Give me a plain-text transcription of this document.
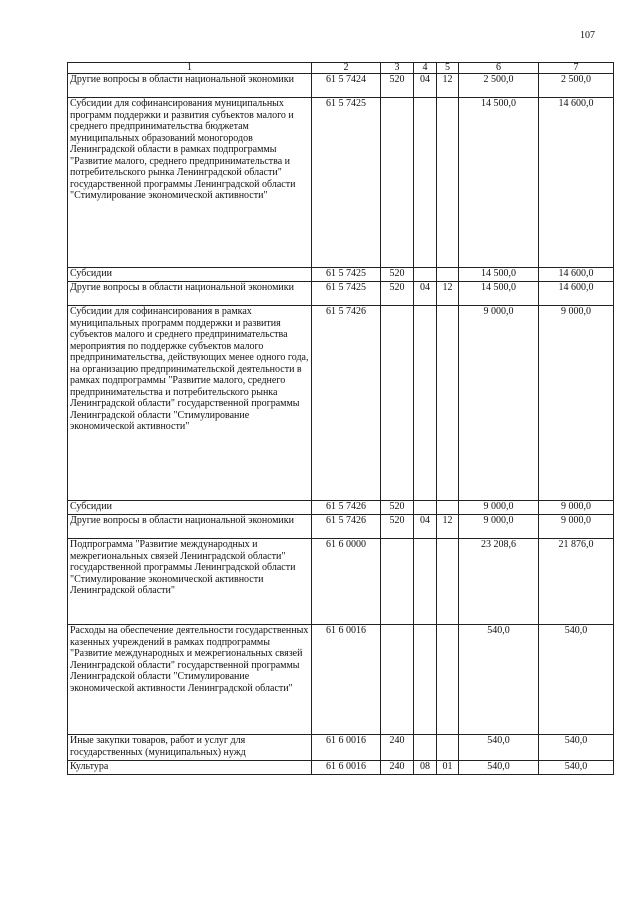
107
1	2	3	4	5	6	7
Другие вопросы в области национальной экономики	61 5 7424	520	04	12	2 500,0	2 500,0
Субсидии для софинансирования муниципальных программ поддержки и развития субъектов малого и среднего предпринимательства бюджетам муниципальных образований моногородов Ленинградской области в рамках подпрограммы "Развитие малого, среднего предпринимательства и потребительского рынка Ленинградской области" государственной программы Ленинградской области "Стимулирование экономической активности"	61 5 7425				14 500,0	14 600,0
Субсидии	61 5 7425	520			14 500,0	14 600,0
Другие вопросы в области национальной экономики	61 5 7425	520	04	12	14 500,0	14 600,0
Субсидии для софинансирования в рамках муниципальных программ поддержки и развития субъектов малого и среднего предпринимательства мероприятия по поддержке субъектов малого предпринимательства, действующих менее одного года, на организацию предпринимательской деятельности в рамках подпрограммы "Развитие малого, среднего предпринимательства и потребительского рынка Ленинградской области" государственной программы Ленинградской области "Стимулирование экономической активности"	61 5 7426				9 000,0	9 000,0
Субсидии	61 5 7426	520			9 000,0	9 000,0
Другие вопросы в области национальной экономики	61 5 7426	520	04	12	9 000,0	9 000,0
Подпрограмма "Развитие международных и межрегиональных связей Ленинградской области" государственной программы Ленинградской области "Стимулирование экономической активности Ленинградской области"	61 6 0000				23 208,6	21 876,0
Расходы на обеспечение деятельности государственных казенных учреждений в рамках подпрограммы "Развитие международных и межрегиональных связей Ленинградской области" государственной программы Ленинградской области "Стимулирование экономической активности Ленинградской области"	61 6 0016				540,0	540,0
Иные закупки товаров, работ и услуг для государственных (муниципальных) нужд	61 6 0016	240			540,0	540,0
Культура	61 6 0016	240	08	01	540,0	540,0
